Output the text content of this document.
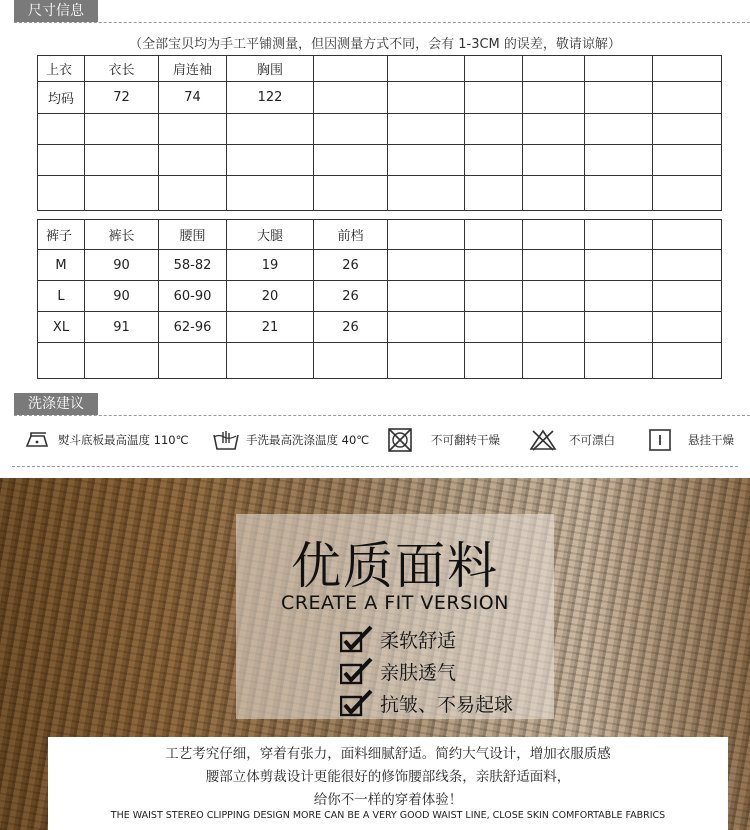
尺寸信息
（全部宝贝均为手工平铺测量，但因测量方式不同，会有 1-3CM 的误差，敬请谅解）
上衣	衣长	肩连袖	胸围						
均码	72	74	122						

裤子	裤长	腰围	大腿	前档					
M	90	58-82	19	26					
L	90	60-90	20	26					
XL	91	62-96	21	26					

洗涤建议
熨斗底板最高温度 110℃	手洗最高洗涤温度 40℃	不可翻转干燥	不可漂白	悬挂干燥
优质面料
CREATE A FIT VERSION
柔软舒适
亲肤透气
抗皱、不易起球
工艺考究仔细，穿着有张力，面料细腻舒适。简约大气设计，增加衣服质感
腰部立体剪裁设计更能很好的修饰腰部线条，亲肤舒适面料，
给你不一样的穿着体验！
THE WAIST STEREO CLIPPING DESIGN MORE CAN BE A VERY GOOD WAIST LINE, CLOSE SKIN COMFORTABLE FABRICS
